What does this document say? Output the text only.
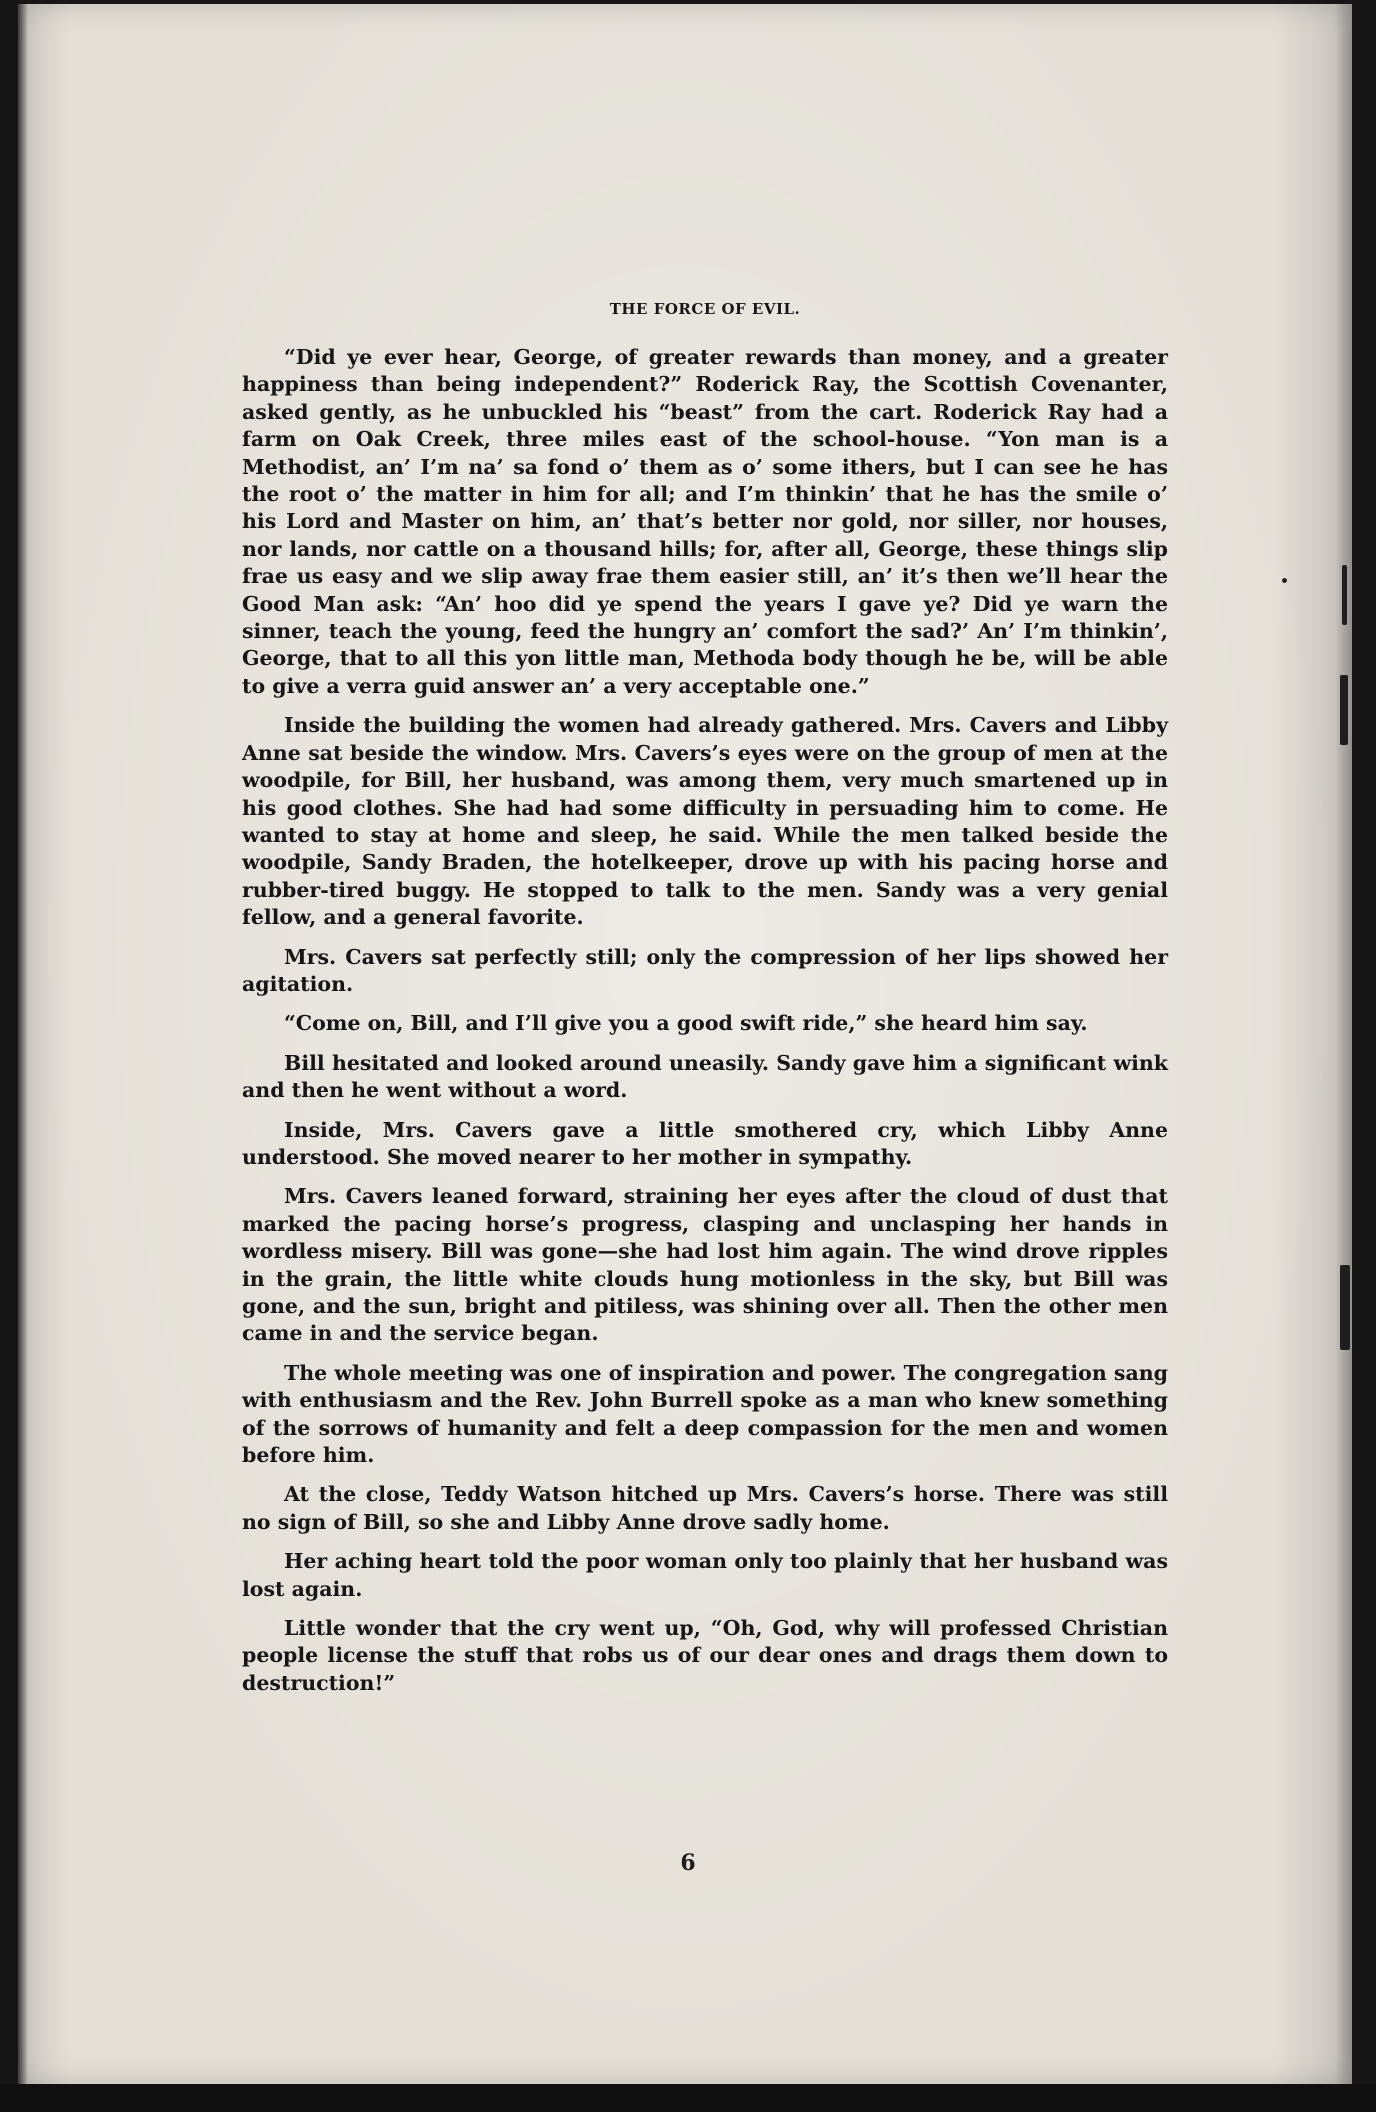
THE FORCE OF EVIL.

“Did ye ever hear, George, of greater rewards than money, and a greater happiness than being independent?” Roderick Ray, the Scottish Covenanter, asked gently, as he unbuckled his “beast” from the cart. Roderick Ray had a farm on Oak Creek, three miles east of the school-house. “Yon man is a Methodist, an’ I’m na’ sa fond o’ them as o’ some ithers, but I can see he has the root o’ the matter in him for all; and I’m thinkin’ that he has the smile o’ his Lord and Master on him, an’ that’s better nor gold, nor siller, nor houses, nor lands, nor cattle on a thousand hills; for, after all, George, these things slip frae us easy and we slip away frae them easier still, an’ it’s then we’ll hear the Good Man ask: “An’ hoo did ye spend the years I gave ye? Did ye warn the sinner, teach the young, feed the hungry an’ comfort the sad?’ An’ I’m thinkin’, George, that to all this yon little man, Methoda body though he be, will be able to give a verra guid answer an’ a very acceptable one.”

Inside the building the women had already gathered. Mrs. Cavers and Libby Anne sat beside the window. Mrs. Cavers’s eyes were on the group of men at the woodpile, for Bill, her husband, was among them, very much smartened up in his good clothes. She had had some difficulty in persuading him to come. He wanted to stay at home and sleep, he said. While the men talked beside the woodpile, Sandy Braden, the hotelkeeper, drove up with his pacing horse and rubber-tired buggy. He stopped to talk to the men. Sandy was a very genial fellow, and a general favorite.

Mrs. Cavers sat perfectly still; only the compression of her lips showed her agitation.

“Come on, Bill, and I’ll give you a good swift ride,” she heard him say.

Bill hesitated and looked around uneasily. Sandy gave him a significant wink and then he went without a word.

Inside, Mrs. Cavers gave a little smothered cry, which Libby Anne understood. She moved nearer to her mother in sympathy.

Mrs. Cavers leaned forward, straining her eyes after the cloud of dust that marked the pacing horse’s progress, clasping and unclasping her hands in wordless misery. Bill was gone—she had lost him again. The wind drove ripples in the grain, the little white clouds hung motionless in the sky, but Bill was gone, and the sun, bright and pitiless, was shining over all. Then the other men came in and the service began.

The whole meeting was one of inspiration and power. The congregation sang with enthusiasm and the Rev. John Burrell spoke as a man who knew something of the sorrows of humanity and felt a deep compassion for the men and women before him.

At the close, Teddy Watson hitched up Mrs. Cavers’s horse. There was still no sign of Bill, so she and Libby Anne drove sadly home.

Her aching heart told the poor woman only too plainly that her husband was lost again.

Little wonder that the cry went up, “Oh, God, why will professed Christian people license the stuff that robs us of our dear ones and drags them down to destruction!”

6
